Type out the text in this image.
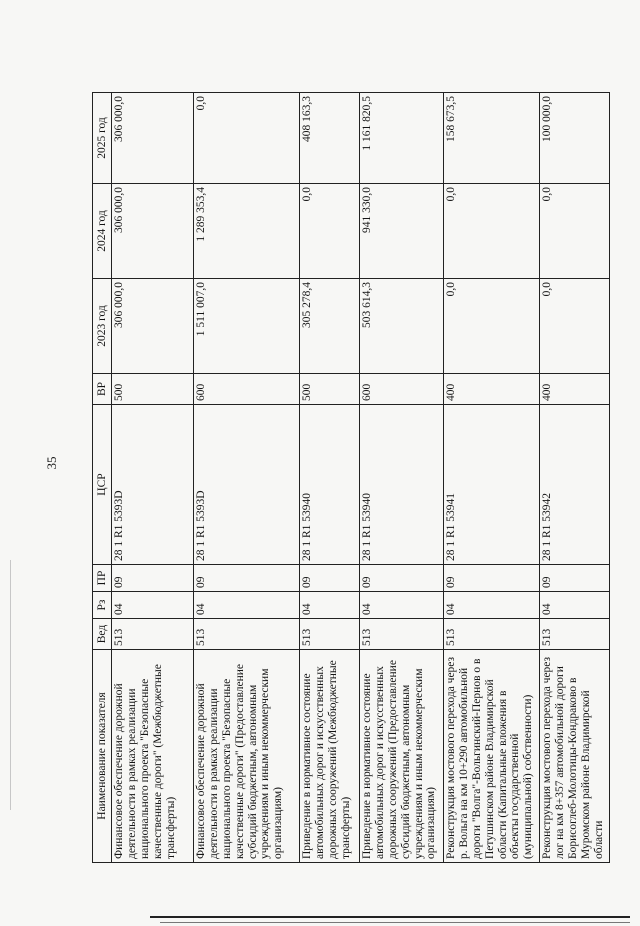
35
Наименование показателя	Вед	Рз	ПР	ЦСР	ВР	2023 год	2024 год	2025 год
Финансовое обеспечение дорожной деятельности в рамках реализации национального проекта "Безопасные качественные дороги" (Межбюджетные трансферты)	513	04	09	28 1 R1 5393D	500	306 000,0	306 000,0	306 000,0
Финансовое обеспечение дорожной деятельности в рамках реализации национального проекта "Безопасные качественные дороги" (Предоставление субсидий бюджетным, автономным учреждениям и иным некоммерческим организациям)	513	04	09	28 1 R1 5393D	600	1 511 007,0	1 289 353,4	0,0
Приведение в нормативное состояние автомобильных дорог и искусственных дорожных сооружений (Межбюджетные трансферты)	513	04	09	28 1 R1 53940	500	305 278,4	0,0	408 163,3
Приведение в нормативное состояние автомобильных дорог и искусственных дорожных сооружений (Предоставление субсидий бюджетным, автономным учреждениям и иным некоммерческим организациям)	513	04	09	28 1 R1 53940	600	503 614,3	941 330,0	1 161 820,5
Реконструкция мостового перехода через р. Вольга на км 10+290 автомобильной дороги "Волга"-Вольгинский-Пернов о в Петушинском районе Владимирской области (Капитальные вложения в объекты государственной (муниципальной) собственности)	513	04	09	28 1 R1 53941	400	0,0	0,0	158 673,5
Реконструкция мостового перехода через лог на км 8+357 автомобильной дороги Борисоглеб-Молотицы-Кондраково в Муромском районе Владимирской области	513	04	09	28 1 R1 53942	400	0,0	0,0	100 000,0
